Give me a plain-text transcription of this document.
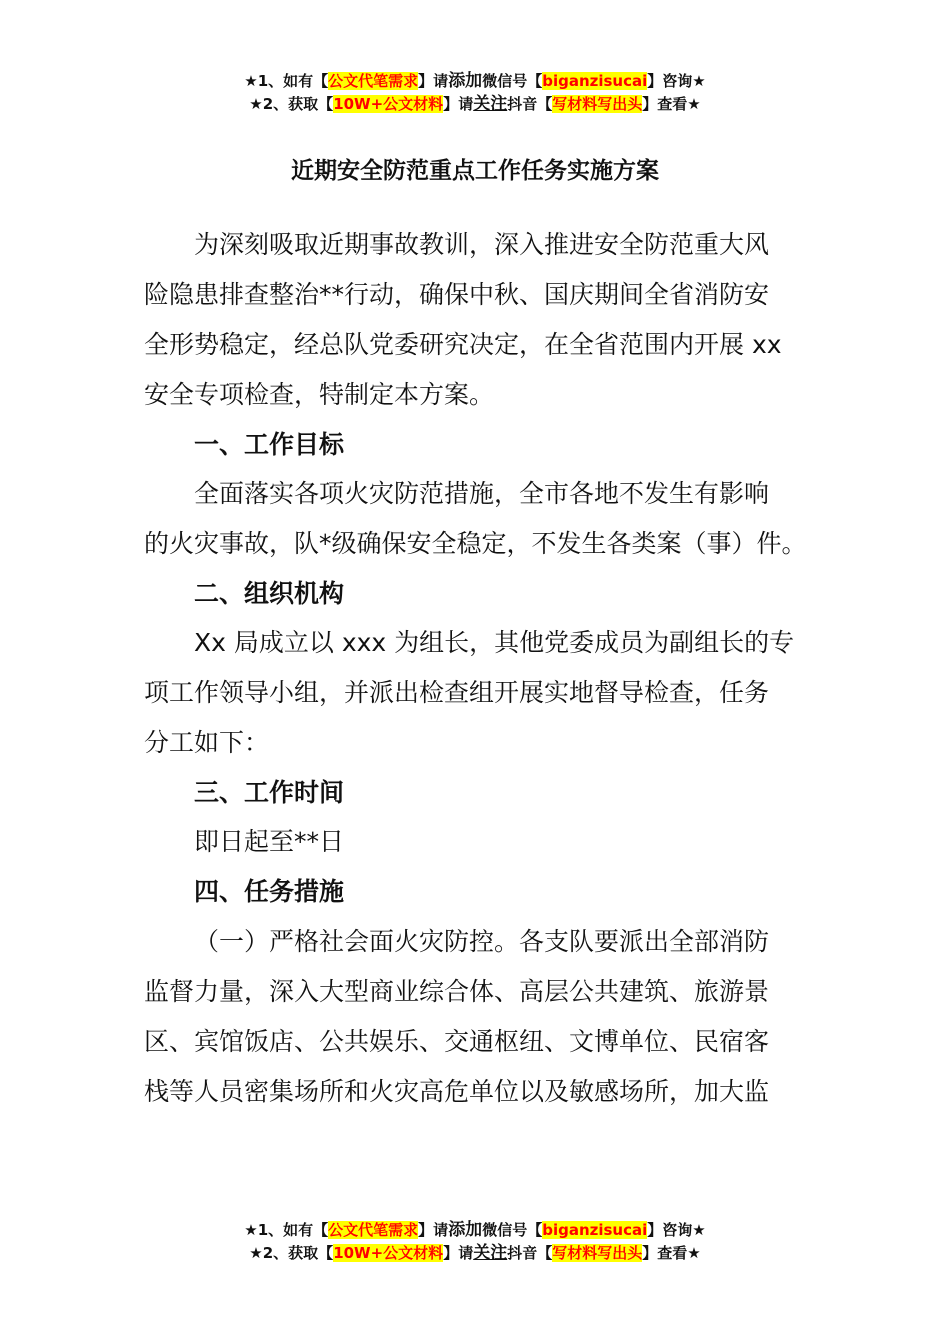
★1、如有【公文代笔需求】请添加微信号【biganzisucai】咨询★
★2、获取【10W+公文材料】请关注抖音【写材料写出头】查看★
近期安全防范重点工作任务实施方案
为深刻吸取近期事故教训，深入推进安全防范重大风
险隐患排查整治**行动，确保中秋、国庆期间全省消防安
全形势稳定，经总队党委研究决定，在全省范围内开展 xx
安全专项检查，特制定本方案。
一、工作目标
全面落实各项火灾防范措施，全市各地不发生有影响
的火灾事故，队*级确保安全稳定，不发生各类案（事）件。
二、组织机构
Xx 局成立以 xxx 为组长，其他党委成员为副组长的专
项工作领导小组，并派出检查组开展实地督导检查，任务
分工如下：
三、工作时间
即日起至**日
四、任务措施
（一）严格社会面火灾防控。各支队要派出全部消防
监督力量，深入大型商业综合体、高层公共建筑、旅游景
区、宾馆饭店、公共娱乐、交通枢纽、文博单位、民宿客
栈等人员密集场所和火灾高危单位以及敏感场所，加大监
★1、如有【公文代笔需求】请添加微信号【biganzisucai】咨询★
★2、获取【10W+公文材料】请关注抖音【写材料写出头】查看★
